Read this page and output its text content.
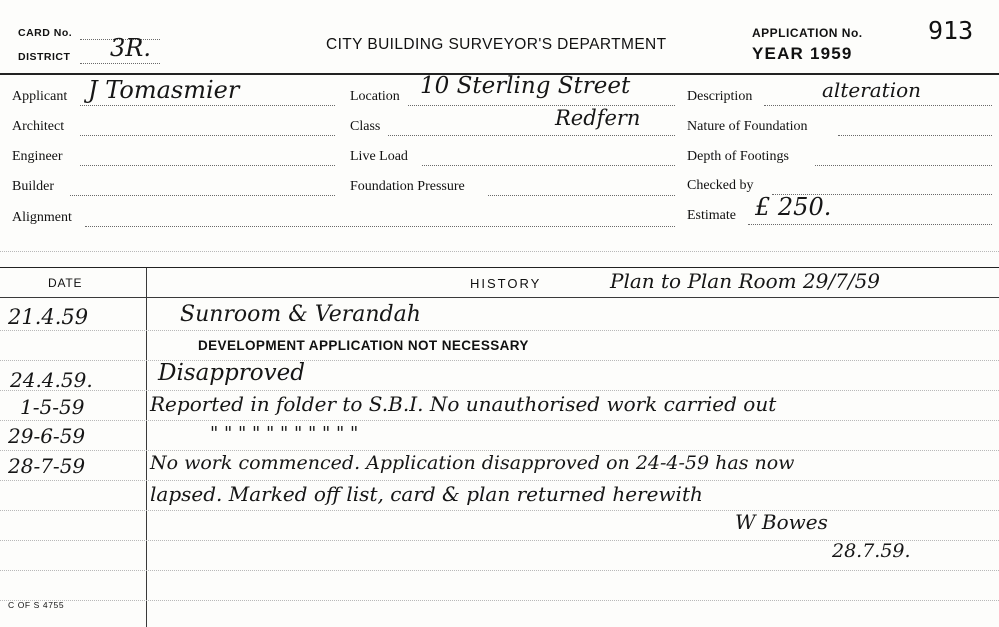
CARD No.
DISTRICT 3R.	CITY BUILDING SURVEYOR'S DEPARTMENT
APPLICATION No.	913
YEAR 1959
Applicant J Tomasmier
Architect
Engineer
Builder
Alignment
Location 10 Sterling Street
Redfern
Class
Live Load
Foundation Pressure
Description	alteration
Nature of Foundation
Depth of Footings
Checked by
Estimate £ 250.
DATE	HISTORY	Plan to Plan Room 29/7/59
21.4.59	Sunroom & Verandah
DEVELOPMENT APPLICATION NOT NECESSARY
24.4.59.	Disapproved
1-5-59	Reported in folder to S.B.I. No unauthorised work carried out
29-6-59	" " " " " " " " " " "
28-7-59	No work commenced. Application disapproved on 24-4-59 has now
lapsed. Marked off list, card & plan returned herewith
W Bowes
28.7.59.
C OF S 4755
